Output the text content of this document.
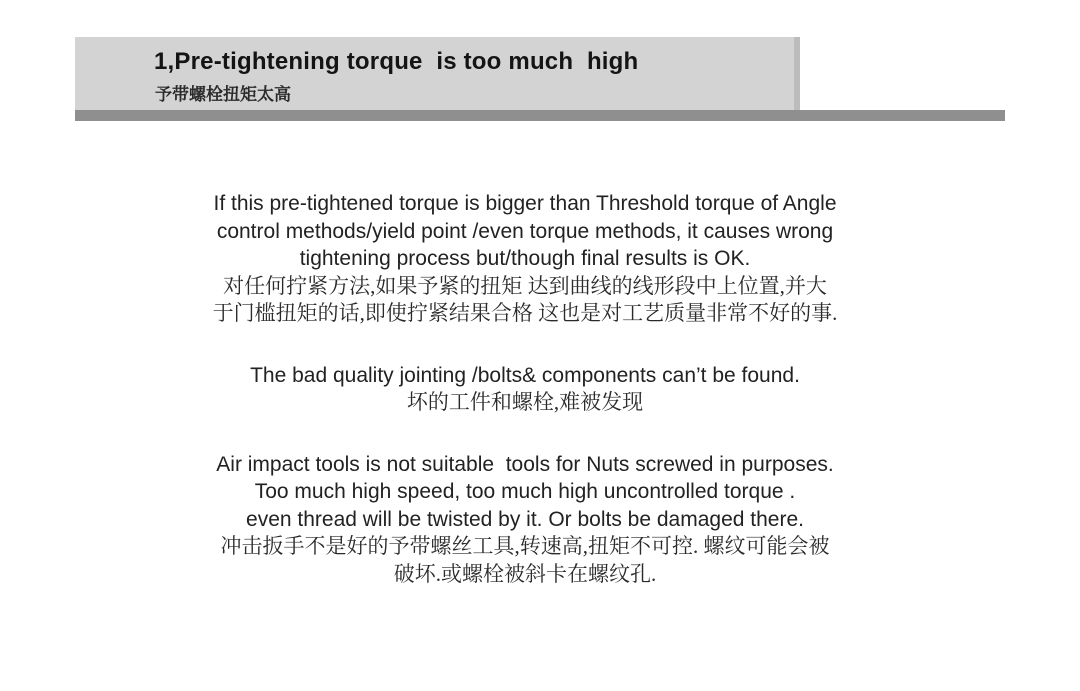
1,Pre-tightening torque  is too much  high
予带螺栓扭矩太高

If this pre-tightened torque is bigger than Threshold torque of Angle
control methods/yield point /even torque methods, it causes wrong
tightening process but/though final results is OK.
对任何拧紧方法,如果予紧的扭矩 达到曲线的线形段中上位置,并大
于门槛扭矩的话,即使拧紧结果合格 这也是对工艺质量非常不好的事.

The bad quality jointing /bolts& components can’t be found.
坏的工件和螺栓,难被发现

Air impact tools is not suitable  tools for Nuts screwed in purposes.
Too much high speed, too much high uncontrolled torque .
even thread will be twisted by it. Or bolts be damaged there.
冲击扳手不是好的予带螺丝工具,转速高,扭矩不可控. 螺纹可能会被
破坏.或螺栓被斜卡在螺纹孔.
